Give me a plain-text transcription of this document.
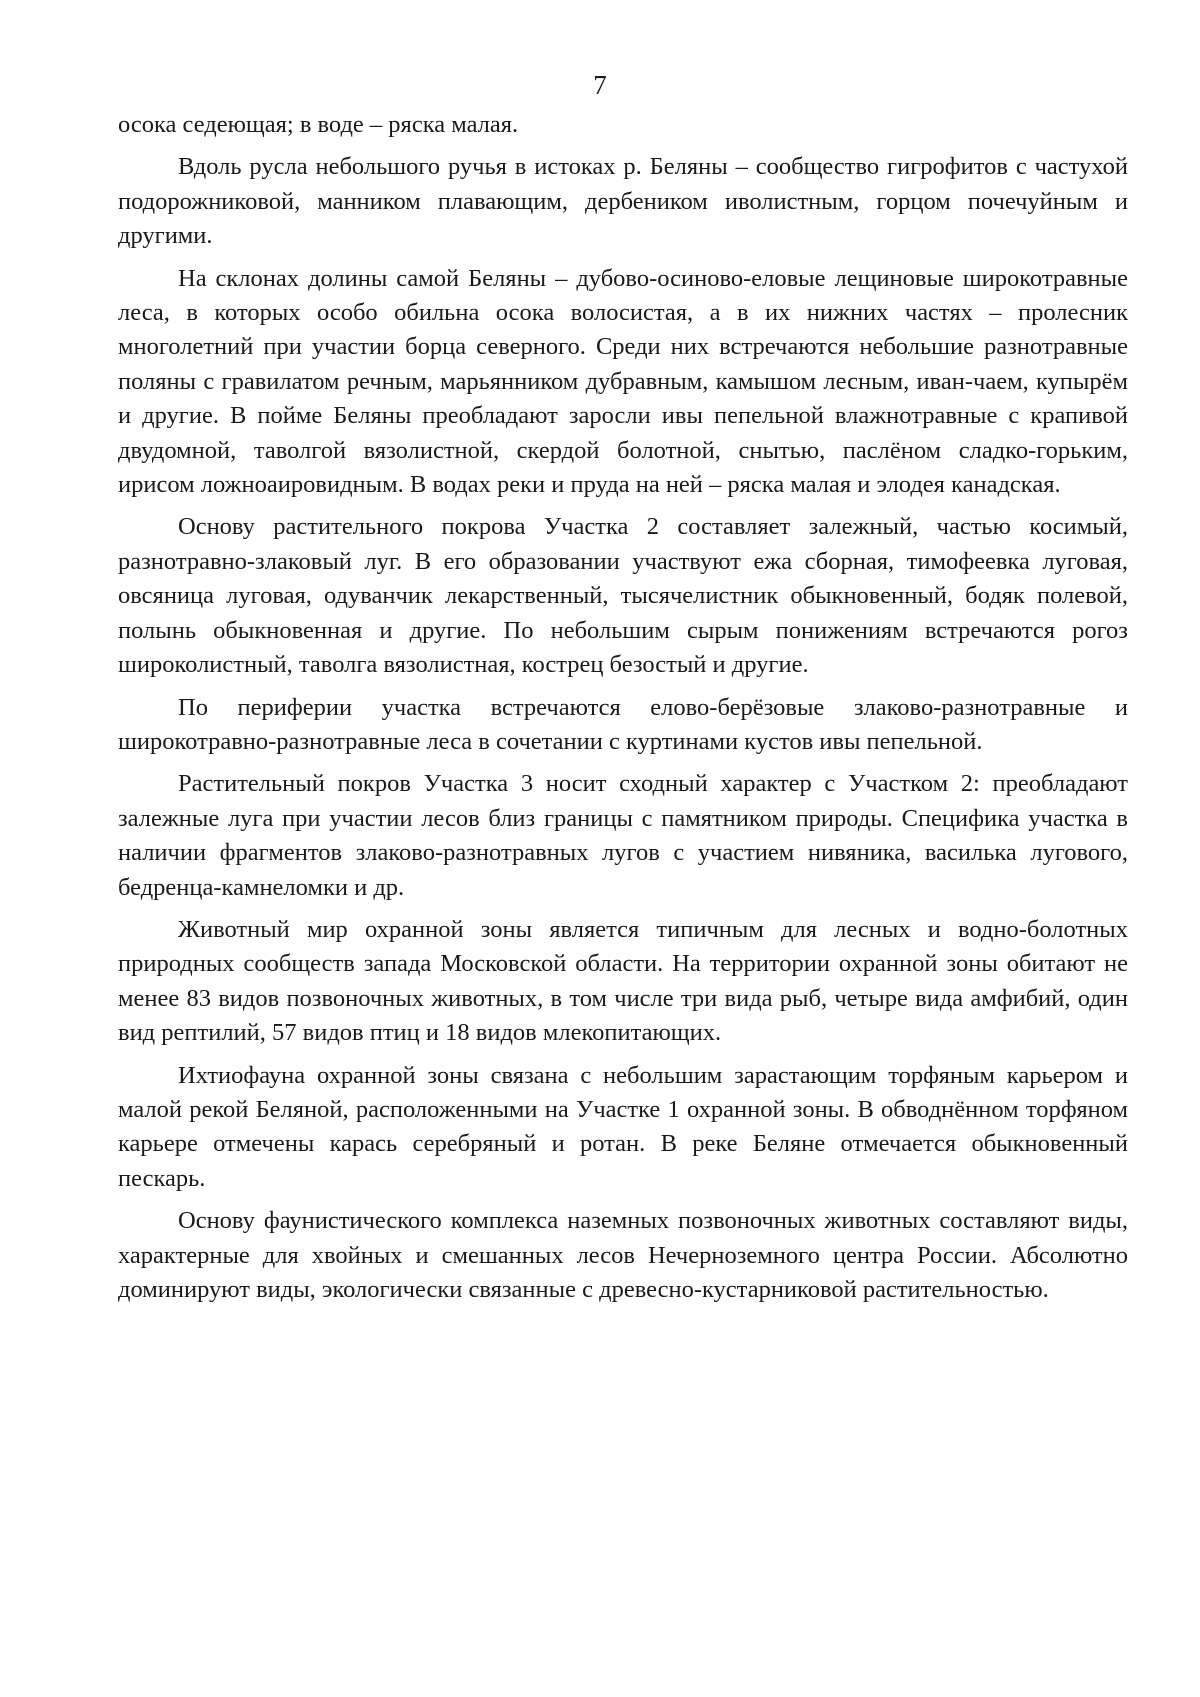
7

осока седеющая; в воде – ряска малая.

Вдоль русла небольшого ручья в истоках р. Беляны – сообщество гигрофитов с частухой подорожниковой, манником плавающим, дербеником иволистным, горцом почечуйным и другими.

На склонах долины самой Беляны – дубово-осиново-еловые лещиновые широкотравные леса, в которых особо обильна осока волосистая, а в их нижних частях – пролесник многолетний при участии борца северного. Среди них встречаются небольшие разнотравные поляны с гравилатом речным, марьянником дубравным, камышом лесным, иван-чаем, купырём и другие. В пойме Беляны преобладают заросли ивы пепельной влажнотравные с крапивой двудомной, таволгой вязолистной, скердой болотной, снытью, паслёном сладко-горьким, ирисом ложноаировидным. В водах реки и пруда на ней – ряска малая и элодея канадская.

Основу растительного покрова Участка 2 составляет залежный, частью косимый, разнотравно-злаковый луг. В его образовании участвуют ежа сборная, тимофеевка луговая, овсяница луговая, одуванчик лекарственный, тысячелистник обыкновенный, бодяк полевой, полынь обыкновенная и другие. По небольшим сырым понижениям встречаются рогоз широколистный, таволга вязолистная, кострец безостый и другие.

По периферии участка встречаются елово-берёзовые злаково-разнотравные и широкотравно-разнотравные леса в сочетании с куртинами кустов ивы пепельной.

Растительный покров Участка 3 носит сходный характер с Участком 2: преобладают залежные луга при участии лесов близ границы с памятником природы. Специфика участка в наличии фрагментов злаково-разнотравных лугов с участием нивяника, василька лугового, бедренца-камнеломки и др.

Животный мир охранной зоны является типичным для лесных и водно-болотных природных сообществ запада Московской области. На территории охранной зоны обитают не менее 83 видов позвоночных животных, в том числе три вида рыб, четыре вида амфибий, один вид рептилий, 57 видов птиц и 18 видов млекопитающих.

Ихтиофауна охранной зоны связана с небольшим зарастающим торфяным карьером и малой рекой Беляной, расположенными на Участке 1 охранной зоны. В обводнённом торфяном карьере отмечены карась серебряный и ротан. В реке Беляне отмечается обыкновенный пескарь.

Основу фаунистического комплекса наземных позвоночных животных составляют виды, характерные для хвойных и смешанных лесов Нечерноземного центра России. Абсолютно доминируют виды, экологически связанные с древесно-кустарниковой растительностью.
